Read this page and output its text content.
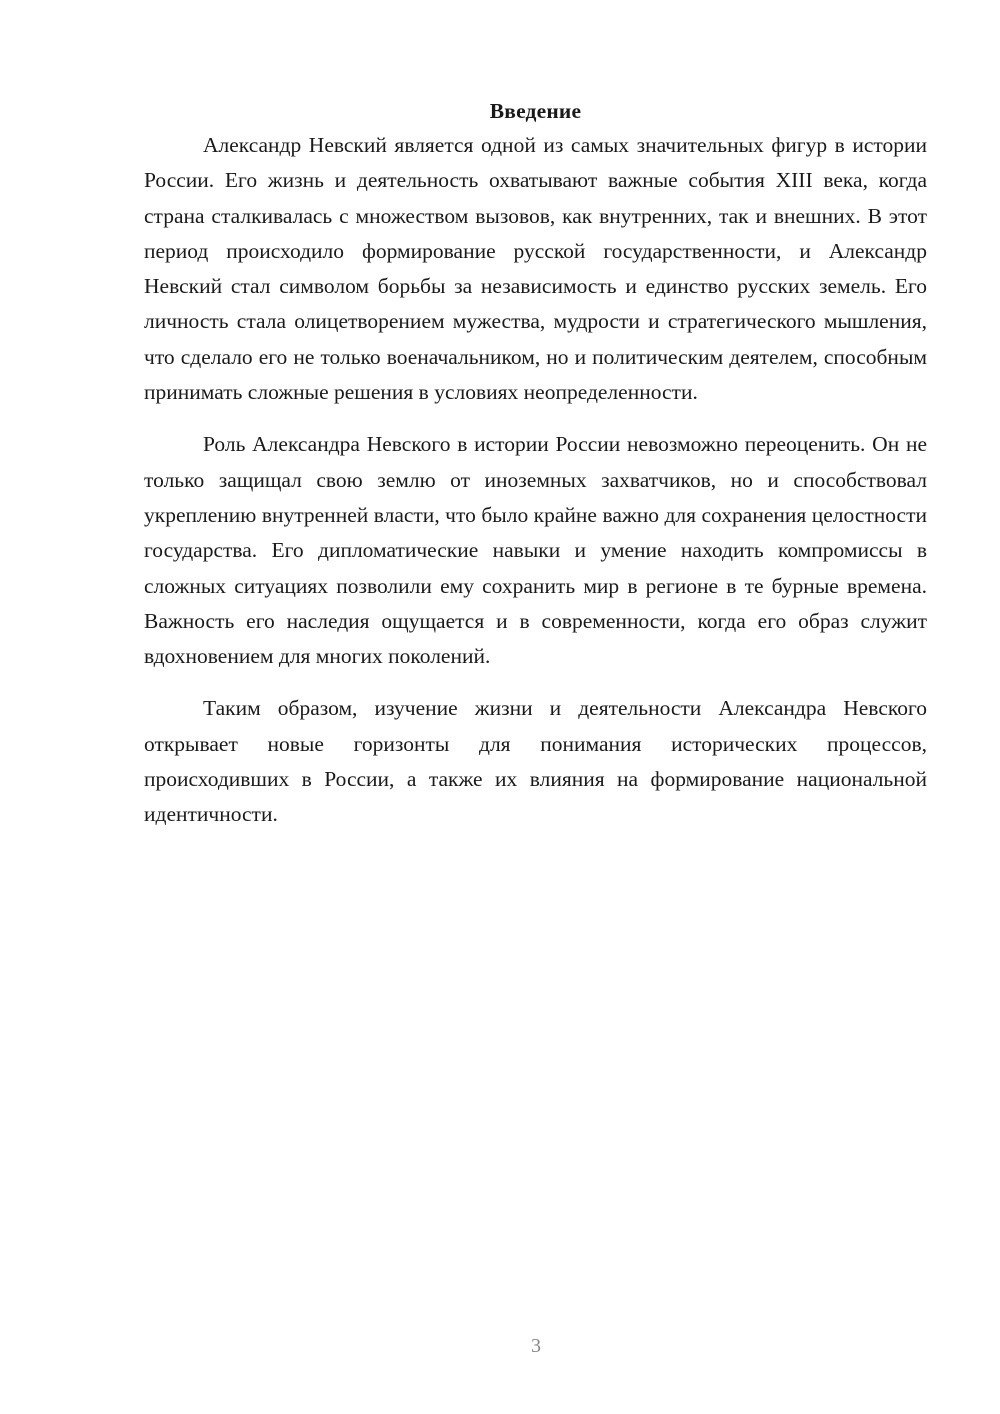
Введение

Александр Невский является одной из самых значительных фигур в истории России. Его жизнь и деятельность охватывают важные события XIII века, когда страна сталкивалась с множеством вызовов, как внутренних, так и внешних. В этот период происходило формирование русской государственности, и Александр Невский стал символом борьбы за независимость и единство русских земель. Его личность стала олицетворением мужества, мудрости и стратегического мышления, что сделало его не только военачальником, но и политическим деятелем, способным принимать сложные решения в условиях неопределенности.

Роль Александра Невского в истории России невозможно переоценить. Он не только защищал свою землю от иноземных захватчиков, но и способствовал укреплению внутренней власти, что было крайне важно для сохранения целостности государства. Его дипломатические навыки и умение находить компромиссы в сложных ситуациях позволили ему сохранить мир в регионе в те бурные времена. Важность его наследия ощущается и в современности, когда его образ служит вдохновением для многих поколений.

Таким образом, изучение жизни и деятельности Александра Невского открывает новые горизонты для понимания исторических процессов, происходивших в России, а также их влияния на формирование национальной идентичности.

3
